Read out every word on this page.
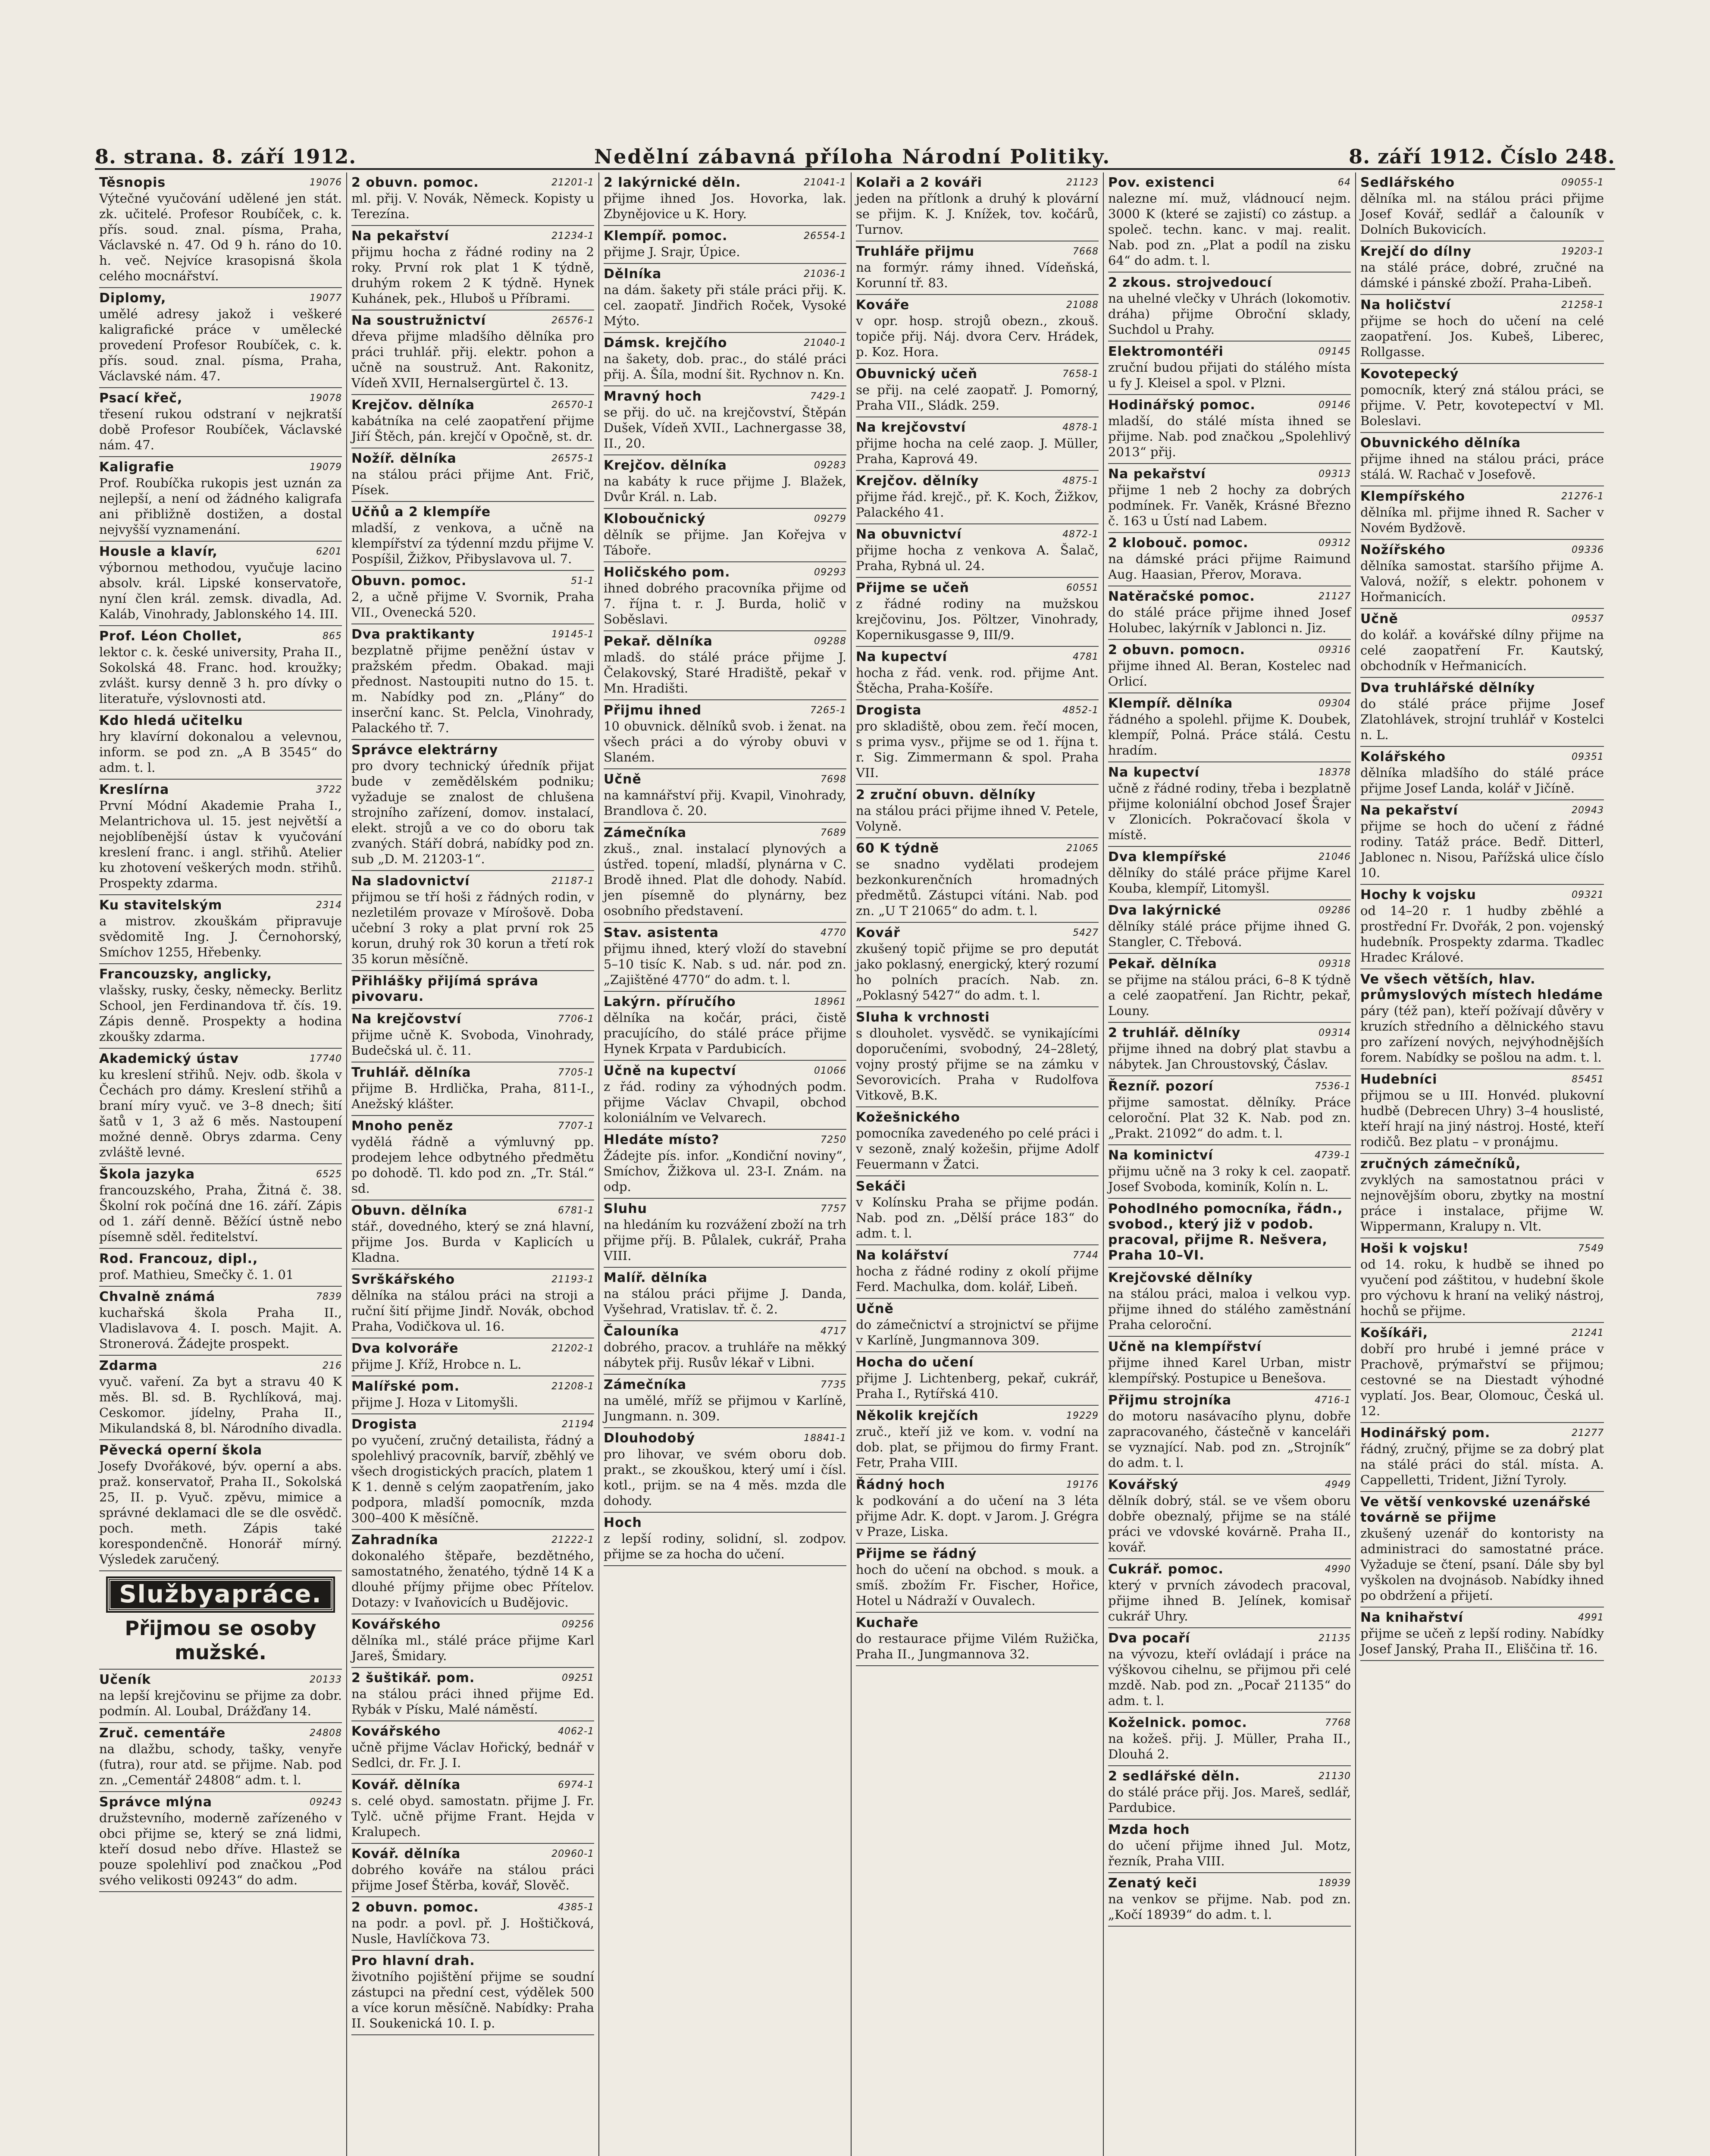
8. strana. 8. září 1912.	Nedělní zábavná příloha Národní Politiky.	8. září 1912. Číslo 248.
Těsnopis	19076

Výtečné vyučování udělené jen stát. zk. učitelé. Profesor Roubíček, c. k. přís. soud. znal. písma, Praha, Václavské n. 47. Od 9 h. ráno do 10. h. več. Nejvíce krasopisná škola celého mocnářství.

Diplomy,	19077

umělé adresy jakož i veškeré kaligrafické práce v umělecké provedení Profesor Roubíček, c. k. přís. soud. znal. písma, Praha, Václavské nám. 47.

Psací křeč,	19078

třesení rukou odstraní v nejkratší době Profesor Roubíček, Václavské nám. 47.

Kaligrafie	19079

Prof. Roubíčka rukopis jest uznán za nejlepší, a není od žádného kaligrafa ani přibližně dostižen, a dostal nejvyšší vyznamenání.

Housle a klavír,	6201

výbornou methodou, vyučuje lacino absolv. král. Lipské konservatoře, nyní člen král. zemsk. divadla, Ad. Kaláb, Vinohrady, Jablonského 14. III.

Prof. Léon Chollet,	865

lektor c. k. české university, Praha II., Sokolská 48. Franc. hod. kroužky; zvlášt. kursy denně 3 h. pro dívky o literatuře, výslovnosti atd.

Kdo hledá učitelku

hry klavírní dokonalou a velevnou, inform. se pod zn. „A B 3545“ do adm. t. l.

Kreslírna	3722

První Módní Akademie Praha I., Melantrichova ul. 15. jest největší a nejoblíbenější ústav k vyučování kreslení franc. i angl. střihů. Atelier ku zhotovení veškerých modn. střihů. Prospekty zdarma.

Ku stavitelským	2314

a mistrov. zkouškám připravuje svědomitě Ing. J. Černohorský, Smíchov 1255, Hřebenky.

Francouzsky, anglicky,

vlašsky, rusky, česky, německy. Berlitz School, jen Ferdinandova tř. čís. 19. Zápis denně. Prospekty a hodina zkoušky zdarma.

Akademický ústav	17740

ku kreslení střihů. Nejv. odb. škola v Čechách pro dámy. Kreslení střihů a braní míry vyuč. ve 3–8 dnech; šití šatů v 1, 3 až 6 měs. Nastoupení možné denně. Obrys zdarma. Ceny zvláště levné.

Škola jazyka	6525

francouzského, Praha, Žitná č. 38. Školní rok počíná dne 16. září. Zápis od 1. září denně. Běžící ústně nebo písemně sděl. ředitelství.

Rod. Francouz, dipl.,

prof. Mathieu, Smečky č. 1. 01

Chvalně známá	7839

kuchařská škola Praha II., Vladislavova 4. I. posch. Majit. A. Stronerová. Žádejte prospekt.

Zdarma	216

vyuč. vaření. Za byt a stravu 40 K měs. Bl. sd. B. Rychlíková, maj. Ceskomor. jídelny, Praha II., Mikulandská 8, bl. Národního divadla.

Pěvecká operní škola

Josefy Dvořákové, býv. operní a abs. praž. konservatoř, Praha II., Sokolská 25, II. p. Vyuč. zpěvu, mimice a správné deklamaci dle se dle osvědč. poch. meth. Zápis také korespondenčně. Honorář mírný. Výsledek zaručený.

Službyapráce.
Přijmou se osoby mužské.
Učeník	20133

na lepší krejčovinu se přijme za dobr. podmín. Al. Loubal, Drážďany 14.

Zruč. cementáře	24808

na dlažbu, schody, tašky, venyře (futra), rour atd. se přijme. Nab. pod zn. „Cementář 24808“ adm. t. l.

Správce mlýna	09243

družstevního, moderně zařízeného v obci přijme se, který se zná lidmi, kteří dosud nebo dříve. Hlastež se pouze spolehliví pod značkou „Pod svého velikosti 09243“ do adm.

2 obuvn. pomoc.	21201-1

ml. přij. V. Novák, Německ. Kopisty u Terezína.

Na pekařství	21234-1

přijmu hocha z řádné rodiny na 2 roky. První rok plat 1 K týdně, druhým rokem 2 K týdně. Hynek Kuhánek, pek., Hluboš u Příbrami.

Na soustružnictví	26576-1

dřeva přijme mladšího dělníka pro práci truhlář. přij. elektr. pohon a učně na soustruž. Ant. Rakonitz, Vídeň XVII, Hernalsergürtel č. 13.

Krejčov. dělníka	26570-1

kabátníka na celé zaopatření přijme Jiří Štěch, pán. krejčí v Opočně, st. dr.

Nožíř. dělníka	26575-1

na stálou práci přijme Ant. Frič, Písek.

Učňů a 2 klempíře

mladší, z venkova, a učně na klempířství za týdenní mzdu přijme V. Pospíšil, Žižkov, Přibyslavova ul. 7.

Obuvn. pomoc.	51-1

2, a učně přijme V. Svornik, Praha VII., Ovenecká 520.

Dva praktikanty	19145-1

bezplatně přijme peněžní ústav v pražském předm. Obakad. maji přednost. Nastoupiti nutno do 15. t. m. Nabídky pod zn. „Plány“ do inserční kanc. St. Pelcla, Vinohrady, Palackého tř. 7.

Správce elektrárny

pro dvory technický úředník přijat bude v zemědělském podniku; vyžaduje se znalost de chlušena strojního zařízení, domov. instalací, elekt. strojů a ve co do oboru tak zvaných. Stáří dobrá, nabídky pod zn. sub „D. M. 21203-1“.

Na sladovnictví	21187-1

přijmou se tří hoši z řádných rodin, v nezletilém provaze v Mírošově. Doba učební 3 roky a plat první rok 25 korun, druhý rok 30 korun a třetí rok 35 korun měsíčně.

Přihlášky přijímá správa pivovaru.
Na krejčovství	7706-1

přijme učně K. Svoboda, Vinohrady, Budečská ul. č. 11.

Truhlář. dělníka	7705-1

přijme B. Hrdlička, Praha, 811-I., Anežský klášter.

Mnoho peněz	7707-1

vydělá řádně a výmluvný pp. prodejem lehce odbytného předmětu po dohodě. Tl. kdo pod zn. „Tr. Stál.“ sd.

Obuvn. dělníka	6781-1

stář., dovedného, který se zná hlavní, přijme Jos. Burda v Kaplicích u Kladna.

Svrškářského	21193-1

dělníka na stálou práci na stroji a ruční šití přijme Jindř. Novák, obchod Praha, Vodičkova ul. 16.

Dva kolvoráře	21202-1

přijme J. Kříž, Hrobce n. L.

Malířské pom.	21208-1

přijme J. Hoza v Litomyšli.

Drogista	21194

po vyučení, zručný detailista, řádný a spolehlivý pracovník, barvíř, zběhlý ve všech drogistických pracích, platem 1 K 1. denně s celým zaopatřením, jako podpora, mladší pomocník, mzda 300–400 K měsíčně.

Zahradníka	21222-1

dokonalého štěpaře, bezdětného, samostatného, ženatého, týdně 14 K a dlouhé příjmy přijme obec Přítelov. Dotazy: v Ivaňovicích u Budějovic.

Kovářského	09256

dělníka ml., stálé práce přijme Karl Jareš, Šmidary.

2 šuštikář. pom.	09251

na stálou práci ihned přijme Ed. Rybák v Písku, Malé náměstí.

Kovářského	4062-1

učně přijme Václav Hořický, bednář v Sedlci, dr. Fr. J. I.

Kovář. dělníka	6974-1

s. celé obyd. samostatn. přijme J. Fr. Tylč. učně přijme Frant. Hejda v Kralupech.

Kovář. dělníka	20960-1

dobrého kováře na stálou práci přijme Josef Štěrba, kovář, Slověč.

2 obuvn. pomoc.	4385-1

na podr. a povl. př. J. Hoštičková, Nusle, Havlíčkova 73.

Pro hlavní drah.

životního pojištění přijme se soudní zástupci na přední cest, výdělek 500 a více korun měsíčně. Nabídky: Praha II. Soukenická 10. I. p.

2 lakýrnické děln.	21041-1

přijme ihned Jos. Hovorka, lak. Zbynějovice u K. Hory.

Klempíř. pomoc.	26554-1

přijme J. Srajr, Úpice.

Dělníka	21036-1

na dám. šakety při stále práci přij. K. cel. zaopatř. Jindřich Roček, Vysoké Mýto.

Dámsk. krejčího	21040-1

na šakety, dob. prac., do stálé práci přij. A. Šíla, modní šit. Rychnov n. Kn.

Mravný hoch	7429-1

se přij. do uč. na krejčovství, Štěpán Dušek, Vídeň XVII., Lachnergasse 38, II., 20.

Krejčov. dělníka	09283

na kabáty k ruce přijme J. Blažek, Dvůr Král. n. Lab.

Kloboučnický	09279

dělník se přijme. Jan Kořejva v Táboře.

Holičského pom.	09293

ihned dobrého pracovníka přijme od 7. října t. r. J. Burda, holič v Soběslavi.

Pekař. dělníka	09288

mladš. do stálé práce přijme J. Čelakovský, Staré Hradiště, pekař v Mn. Hradišti.

Přijmu ihned	7265-1

10 obuvnick. dělníků svob. i ženat. na všech práci a do výroby obuvi v Slaném.

Učně	7698

na kamnářství přij. Kvapil, Vinohrady, Brandlova č. 20.

Zámečníka	7689

zkuš., znal. instalací plynových a ústřed. topení, mladší, plynárna v C. Brodě ihned. Plat dle dohody. Nabíd. jen písemně do plynárny, bez osobního představení.

Stav. asistenta	4770

přijmu ihned, který vloží do stavební 5–10 tisíc K. Nab. s ud. nár. pod zn. „Zajištěné 4770“ do adm. t. l.

Lakýrn. příručího	18961

dělníka na kočár, práci, čistě pracujícího, do stálé práce přijme Hynek Krpata v Pardubicích.

Učně na kupectví	01066

z řád. rodiny za výhodných podm. přijme Václav Chvapil, obchod koloniálním ve Velvarech.

Hledáte místo?	7250

Žádejte pís. infor. „Kondiční noviny“, Smíchov, Žižkova ul. 23-I. Znám. na odp.

Sluhu	7757

na hledáním ku rozvážení zboží na trh přijme příj. B. Půlalek, cukrář, Praha VIII.

Malíř. dělníka

na stálou práci přijme J. Danda, Vyšehrad, Vratislav. tř. č. 2.

Čalouníka	4717

dobrého, pracov. a truhláře na měkký nábytek přij. Rusův lékař v Libni.

Zámečníka	7735

na umělé, mříž se přijmou v Karlíně, Jungmann. n. 309.

Dlouhodobý	18841-1

pro lihovar, ve svém oboru dob. prakt., se zkouškou, který umí i čísl. kotl., prijm. se na 4 měs. mzda dle dohody.

Hoch

z lepší rodiny, solidní, sl. zodpov. přijme se za hocha do učení.

Kolaři a 2 kováři	21123

jeden na přítlonk a druhý k plovární se přijm. K. J. Knížek, tov. kočárů, Turnov.

Truhláře přijmu	7668

na formýr. rámy ihned. Vídeňská, Korunní tř. 83.

Kováře	21088

v opr. hosp. strojů obezn., zkouš. topiče přij. Náj. dvora Cerv. Hrádek, p. Koz. Hora.

Obuvnický učeň	7658-1

se přij. na celé zaopatř. J. Pomorný, Praha VII., Sládk. 259.

Na krejčovství	4878-1

přijme hocha na celé zaop. J. Müller, Praha, Kaprová 49.

Krejčov. dělníky	4875-1

přijme řád. krejč., př. K. Koch, Žižkov, Palackého 41.

Na obuvnictví	4872-1

přijme hocha z venkova A. Šalač, Praha, Rybná ul. 24.

Přijme se učeň	60551

z řádné rodiny na mužskou krejčovinu, Jos. Pöltzer, Vinohrady, Kopernikusgasse 9, III/9.

Na kupectví	4781

hocha z řád. venk. rod. přijme Ant. Štěcha, Praha-Košíře.

Drogista	4852-1

pro skladiště, obou zem. řečí mocen, s prima vysv., přijme se od 1. října t. r. Sig. Zimmermann & spol. Praha VII.

2 zruční obuvn. dělníky

na stálou práci přijme ihned V. Petele, Volyně.

60 K týdně	21065

se snadno vydělati prodejem bezkonkurenčních hromadných předmětů. Zástupci vítáni. Nab. pod zn. „U T 21065“ do adm. t. l.

Kovář	5427

zkušený topič přijme se pro deputát jako poklasný, energický, který rozumí ho polních pracích. Nab. zn. „Poklasný 5427“ do adm. t. l.

Sluha k vrchnosti

s dlouholet. vysvědč. se vynikajícími doporučeními, svobodný, 24–28letý, vojny prostý přijme se na zámku v Sevorovicích. Praha v Rudolfova Vitkově, B.K.

Kožešnického

pomocníka zavedeného po celé práci i v sezoně, znalý kožešin, přijme Adolf Feuermann v Žatci.

Sekáči

v Kolínsku Praha se přijme podán. Nab. pod zn. „Dělší práce 183“ do adm. t. l.

Na kolářství	7744

hocha z řádné rodiny z okolí přijme Ferd. Machulka, dom. kolář, Libeň.

Učně

do zámečnictví a strojnictví se přijme v Karlíně, Jungmannova 309.

Hocha do učení

přijme J. Lichtenberg, pekař, cukrář, Praha I., Rytířská 410.

Několik krejčích	19229

zruč., kteří již ve kom. v. vodní na dob. plat, se přijmou do firmy Frant. Fetr, Praha VIII.

Řádný hoch	19176

k podkování a do učení na 3 léta přijme Adr. K. dopt. v Jarom. J. Grégra v Praze, Liska.

Přijme se řádný

hoch do učení na obchod. s mouk. a smíš. zbožím Fr. Fischer, Hořice, Hotel u Nádraží v Ouvalech.

Kuchaře

do restaurace přijme Vilém Ružička, Praha II., Jungmannova 32.

Pov. existenci	64

nalezne mí. muž, vládnoucí nejm. 3000 K (které se zajistí) co zástup. a společ. techn. kanc. v maj. realit. Nab. pod zn. „Plat a podíl na zisku 64“ do adm. t. l.

2 zkous. strojvedoucí

na uhelné vlečky v Uhrách (lokomotiv. dráha) přijme Obroční sklady, Suchdol u Prahy.

Elektromontéři	09145

zruční budou přijati do stálého místa u fy J. Kleisel a spol. v Plzni.

Hodinářský pomoc.	09146

mladší, do stálé místa ihned se přijme. Nab. pod značkou „Spolehlivý 2013“ přij.

Na pekařství	09313

přijme 1 neb 2 hochy za dobrých podmínek. Fr. Vaněk, Krásné Březno č. 163 u Ústí nad Labem.

2 klobouč. pomoc.	09312

na dámské práci přijme Raimund Aug. Haasian, Přerov, Morava.

Natěračské pomoc.	21127

do stálé práce přijme ihned Josef Holubec, lakýrník v Jablonci n. Jiz.

2 obuvn. pomocn.	09316

přijme ihned Al. Beran, Kostelec nad Orlicí.

Klempíř. dělníka	09304

řádného a spolehl. přijme K. Doubek, klempíř, Polná. Práce stálá. Cestu hradím.

Na kupectví	18378

učně z řádné rodiny, třeba i bezplatně přijme koloniální obchod Josef Šrajer v Zlonicích. Pokračovací škola v místě.

Dva klempířské	21046

dělníky do stálé práce přijme Karel Kouba, klempíř, Litomyšl.

Dva lakýrnické	09286

dělníky stálé práce přijme ihned G. Stangler, C. Třebová.

Pekař. dělníka	09318

se přijme na stálou práci, 6–8 K týdně a celé zaopatření. Jan Richtr, pekař, Louny.

2 truhlář. dělníky	09314

přijme ihned na dobrý plat stavbu a nábytek. Jan Chroustovský, Čáslav.

Řezníř. pozorí	7536-1

přijme samostat. dělníky. Práce celoroční. Plat 32 K. Nab. pod zn. „Prakt. 21092“ do adm. t. l.

Na kominictví	4739-1

přijmu učně na 3 roky k cel. zaopatř. Josef Svoboda, kominík, Kolín n. L.

Pohodlného pomocníka, řádn., svobod., který již v podob. pracoval, přijme R. Nešvera, Praha 10–VI.
Krejčovské dělníky

na stálou práci, maloa i velkou vyp. přijme ihned do stálého zaměstnání Praha celoroční.

Učně na klempířství

přijme ihned Karel Urban, mistr klempířský. Postupice u Benešova.

Přijmu strojníka	4716-1

do motoru nasávacího plynu, dobře zapracovaného, částečně v kanceláři se vyznající. Nab. pod zn. „Strojník“ do adm. t. l.

Kovářský	4949

dělník dobrý, stál. se ve všem oboru dobře obeznalý, přijme se na stálé práci ve vdovské kovárně. Praha II., kovář.

Cukrář. pomoc.	4990

který v prvních závodech pracoval, přijme ihned B. Jelínek, komisař cukrář Uhry.

Dva pocaří	21135

na vývozu, kteří ovládají i práce na výškovou cihelnu, se přijmou při celé mzdě. Nab. pod zn. „Pocař 21135“ do adm. t. l.

Koželnick. pomoc.	7768

na kožeš. přij. J. Müller, Praha II., Dlouhá 2.

2 sedlářské děln.	21130

do stálé práce přij. Jos. Mareš, sedlář, Pardubice.

Mzda hoch

do učení přijme ihned Jul. Motz, řezník, Praha VIII.

Zenatý keči	18939

na venkov se přijme. Nab. pod zn. „Kočí 18939“ do adm. t. l.

Sedlářského	09055-1

dělníka ml. na stálou práci přijme Josef Kovář, sedlář a čalouník v Dolních Bukovicích.

Krejčí do dílny	19203-1

na stálé práce, dobré, zručné na dámské i pánské zboží. Praha-Libeň.

Na holičství	21258-1

přijme se hoch do učení na celé zaopatření. Jos. Kubeš, Liberec, Rollgasse.

Kovotepecký

pomocník, který zná stálou práci, se přijme. V. Petr, kovotepectví v Ml. Boleslavi.

Obuvnického dělníka

přijme ihned na stálou práci, práce stálá. W. Rachač v Josefově.

Klempířského	21276-1

dělníka ml. přijme ihned R. Sacher v Novém Bydžově.

Nožířského	09336

dělníka samostat. staršího přijme A. Valová, nožíř, s elektr. pohonem v Hořmanicích.

Učně	09537

do kolář. a kovářské dílny přijme na celé zaopatření Fr. Kautský, obchodník v Heřmanicích.

Dva truhlářské dělníky

do stálé práce přijme Josef Zlatohlávek, strojní truhlář v Kostelci n. L.

Kolářského	09351

dělníka mladšího do stálé práce přijme Josef Landa, kolář v Jičíně.

Na pekařství	20943

přijme se hoch do učení z řádné rodiny. Tatáž práce. Bedř. Ditterl, Jablonec n. Nisou, Pařížská ulice číslo 10.

Hochy k vojsku	09321

od 14–20 r. 1 hudby zběhlé a prostřední Fr. Dvořák, 2 pon. vojenský hudebník. Prospekty zdarma. Tkadlec Hradec Králové.

Ve všech větších, hlav. průmyslových místech hledáme

páry (též pan), kteří požívají důvěry v kruzích středního a dělnického stavu pro zařízení nových, nejvýhodnějších forem. Nabídky se pošlou na adm. t. l.

Hudebníci	85451

přijmou se u III. Honvéd. plukovní hudbě (Debrecen Uhry) 3–4 houslisté, kteří hrají na jiný nástroj. Hosté, kteří rodičů. Bez platu – v pronájmu.

zručných zámečníků,

zvyklých na samostatnou práci v nejnovějším oboru, zbytky na mostní práce i instalace, přijme W. Wippermann, Kralupy n. Vlt.

Hoši k vojsku!	7549

od 14. roku, k hudbě se ihned po vyučení pod záštitou, v hudební škole pro výchovu k hraní na veliký nástroj, hochů se přijme.

Košíkáři,	21241

dobří pro hrubé i jemné práce v Prachově, prýmařství se přijmou; cestovné se na Diestadt výhodné vyplatí. Jos. Bear, Olomouc, Česká ul. 12.

Hodinářský pom.	21277

řádný, zručný, přijme se za dobrý plat na stálé práci do stál. místa. A. Cappelletti, Trident, Jižní Tyroly.

Ve větší venkovské uzenářské továrně se přijme

zkušený uzenář do kontoristy na administraci do samostatné práce. Vyžaduje se čtení, psaní. Dále sby byl vyškolen na dvojnásob. Nabídky ihned po obdržení a přijetí.

Na knihařství	4991

přijme se učeň z lepší rodiny. Nabídky Josef Janský, Praha II., Eliščina tř. 16.
